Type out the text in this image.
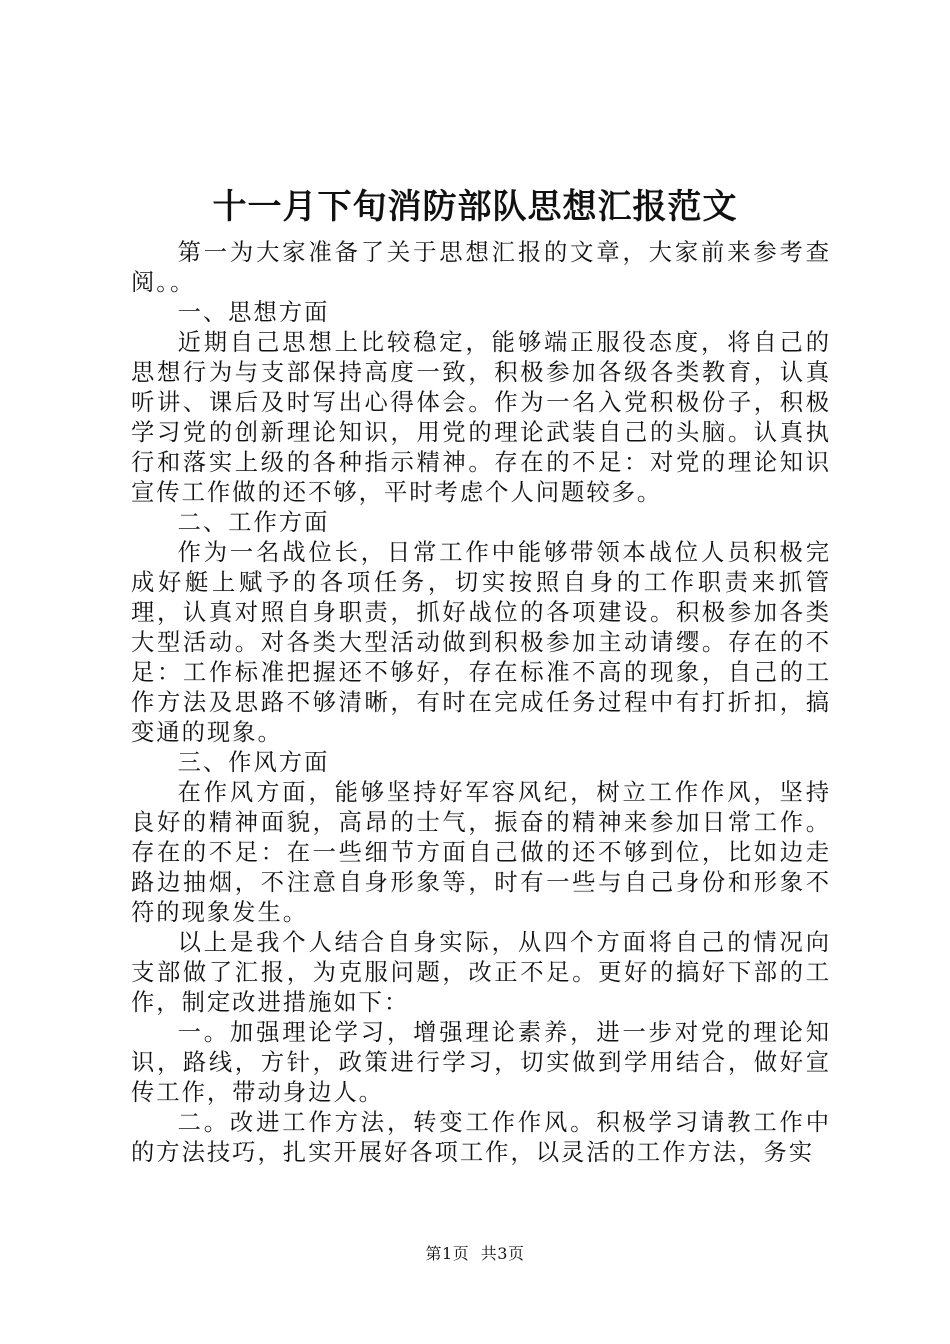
十一月下旬消防部队思想汇报范文

第一为大家准备了关于思想汇报的文章，大家前来参考查阅。。

一、思想方面

近期自己思想上比较稳定，能够端正服役态度，将自己的思想行为与支部保持高度一致，积极参加各级各类教育，认真听讲、课后及时写出心得体会。作为一名入党积极份子，积极学习党的创新理论知识，用党的理论武装自己的头脑。认真执行和落实上级的各种指示精神。存在的不足：对党的理论知识宣传工作做的还不够，平时考虑个人问题较多。

二、工作方面

作为一名战位长，日常工作中能够带领本战位人员积极完成好艇上赋予的各项任务，切实按照自身的工作职责来抓管理，认真对照自身职责，抓好战位的各项建设。积极参加各类大型活动。对各类大型活动做到积极参加主动请缨。存在的不足：工作标准把握还不够好，存在标准不高的现象，自己的工作方法及思路不够清晰，有时在完成任务过程中有打折扣，搞变通的现象。

三、作风方面

在作风方面，能够坚持好军容风纪，树立工作作风，坚持良好的精神面貌，高昂的士气，振奋的精神来参加日常工作。存在的不足：在一些细节方面自己做的还不够到位，比如边走路边抽烟，不注意自身形象等，时有一些与自己身份和形象不符的现象发生。

以上是我个人结合自身实际，从四个方面将自己的情况向支部做了汇报，为克服问题，改正不足。更好的搞好下部的工作，制定改进措施如下：

一。加强理论学习，增强理论素养，进一步对党的理论知识，路线，方针，政策进行学习，切实做到学用结合，做好宣传工作，带动身边人。

二。改进工作方法，转变工作作风。积极学习请教工作中的方法技巧，扎实开展好各项工作，以灵活的工作方法，务实

第1页 共3页
